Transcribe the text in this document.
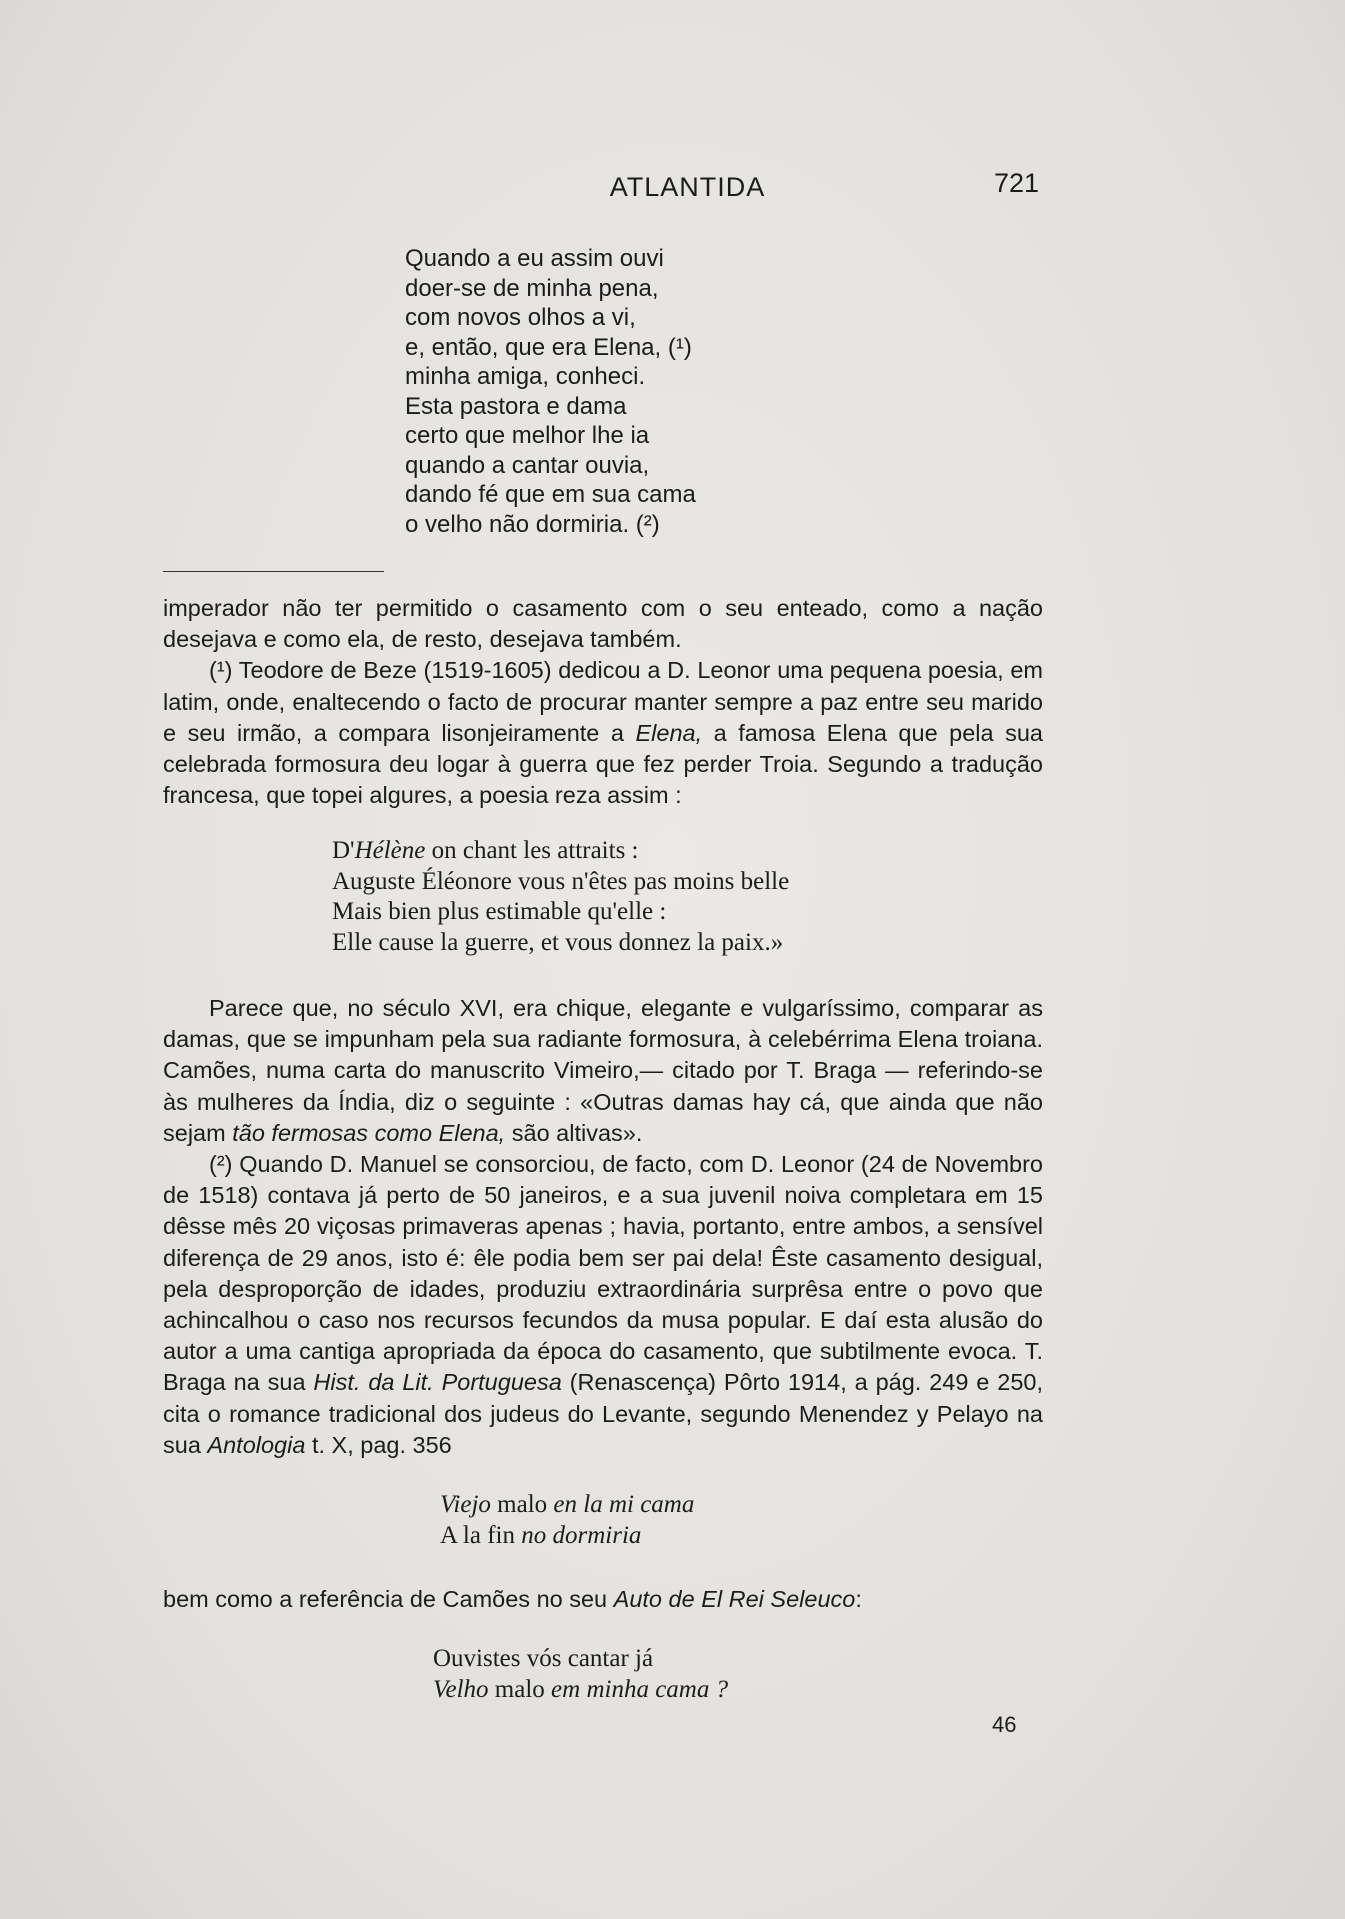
ATLANTIDA	721
Quando a eu assim ouvi
doer-se de minha pena,
com novos olhos a vi,
e, então, que era Elena, (¹)
minha amiga, conheci.
Esta pastora e dama
certo que melhor lhe ia
quando a cantar ouvia,
dando fé que em sua cama
o velho não dormiria. (²)

imperador não ter permitido o casamento com o seu enteado, como a nação desejava e como ela, de resto, desejava também.

(¹) Teodore de Beze (1519-1605) dedicou a D. Leonor uma pequena poesia, em latim, onde, enaltecendo o facto de procurar manter sempre a paz entre seu marido e seu irmão, a compara lisonjeiramente a Elena, a famosa Elena que pela sua celebrada formosura deu logar à guerra que fez perder Troia. Segundo a tradução francesa, que topei algures, a poesia reza assim :

D'Hélène on chant les attraits :
Auguste Éléonore vous n'êtes pas moins belle
Mais bien plus estimable qu'elle :
Elle cause la guerre, et vous donnez la paix.»

Parece que, no século XVI, era chique, elegante e vulgaríssimo, comparar as damas, que se impunham pela sua radiante formosura, à celebérrima Elena troiana. Camões, numa carta do manuscrito Vimeiro,— citado por T. Braga — referindo-se às mulheres da Índia, diz o seguinte : «Outras damas hay cá, que ainda que não sejam tão fermosas como Elena, são altivas».

(²) Quando D. Manuel se consorciou, de facto, com D. Leonor (24 de Novembro de 1518) contava já perto de 50 janeiros, e a sua juvenil noiva completara em 15 dêsse mês 20 viçosas primaveras apenas ; havia, portanto, entre ambos, a sensível diferença de 29 anos, isto é: êle podia bem ser pai dela! Êste casamento desigual, pela desproporção de idades, produziu extraordinária surprêsa entre o povo que achincalhou o caso nos recursos fecundos da musa popular. E daí esta alusão do autor a uma cantiga apropriada da época do casamento, que subtilmente evoca. T. Braga na sua Hist. da Lit. Portuguesa (Renascença) Pôrto 1914, a pág. 249 e 250, cita o romance tradicional dos judeus do Levante, segundo Menendez y Pelayo na sua Antologia t. X, pag. 356

Viejo malo en la mi cama
A la fin no dormiria

bem como a referência de Camões no seu Auto de El Rei Seleuco:

Ouvistes vós cantar já
Velho malo em minha cama ?
46
